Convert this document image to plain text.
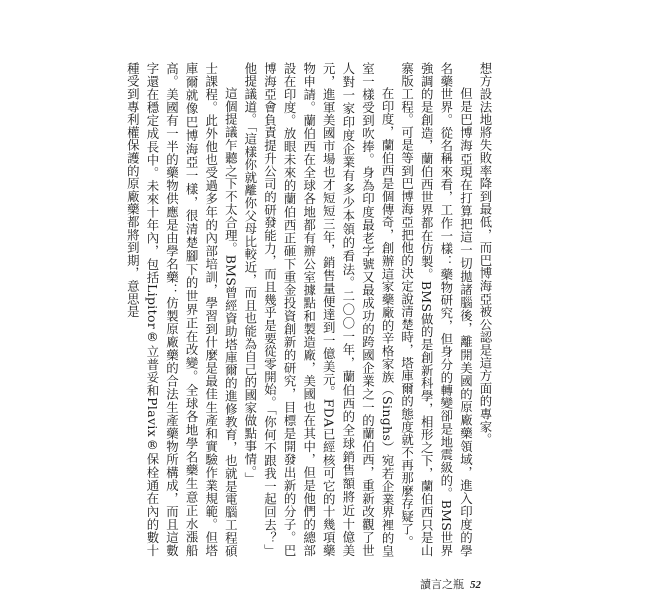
想方設法地將失敗率降到最低，而巴博海亞被公認是這方面的專家。

但是巴博海亞現在打算把這一切拋諸腦後，離開美國的原廠藥領域，進入印度的學名藥世界。從名稱來看，工作一樣：藥物研究，但身分的轉變卻是地震級的。BMS世界強調的是創造，蘭伯西世界都在仿製。BMS做的是創新科學，相形之下，蘭伯西只是山寨版工程。可是等到巴博海亞把他的決定說清楚時，塔庫爾的態度就不再那麼存疑了。

在印度，蘭伯西是個傳奇，創辦這家藥廠的辛格家族（Singhs）宛若企業界裡的皇室一樣受到吹捧。身為印度最老字號又最成功的跨國企業之一的蘭伯西，重新改觀了世人對一家印度企業有多少本領的看法。二〇〇一年，蘭伯西的全球銷售額將近十億美元，進軍美國市場也才短短三年，銷售量便達到一億美元。FDA已經核可它的十幾項藥物申請。蘭伯西在全球各地都有辦公室據點和製造廠，美國也在其中，但是他們的總部設在印度。放眼未來的蘭伯西正砸下重金投資創新的研究，目標是開發出新的分子。巴博海亞會負責提升公司的研發能力，而且幾乎是要從零開始。「你何不跟我一起回去？」他提議道。「這樣你就離你父母比較近，而且也能為自己的國家做點事情。」

這個提議乍聽之下不太合理。BMS曾經資助塔庫爾的進修教育，也就是電腦工程碩士課程。此外他也受過多年的內部培訓，學習到什麼是最佳生產和實驗作業規範。但塔庫爾就像巴博海亞一樣，很清楚腳下的世界正在改變。全球各地學名藥生意正水漲船高。美國有一半的藥物供應是由學名藥：仿製原廠藥的合法生產藥物所構成，而且這數字還在穩定成長中。未來十年內，包括Lipitor®立普妥和Plavix®保栓通在內的數十種受到專利權保護的原廠藥都將到期，意思是

讀言之瓶 52
